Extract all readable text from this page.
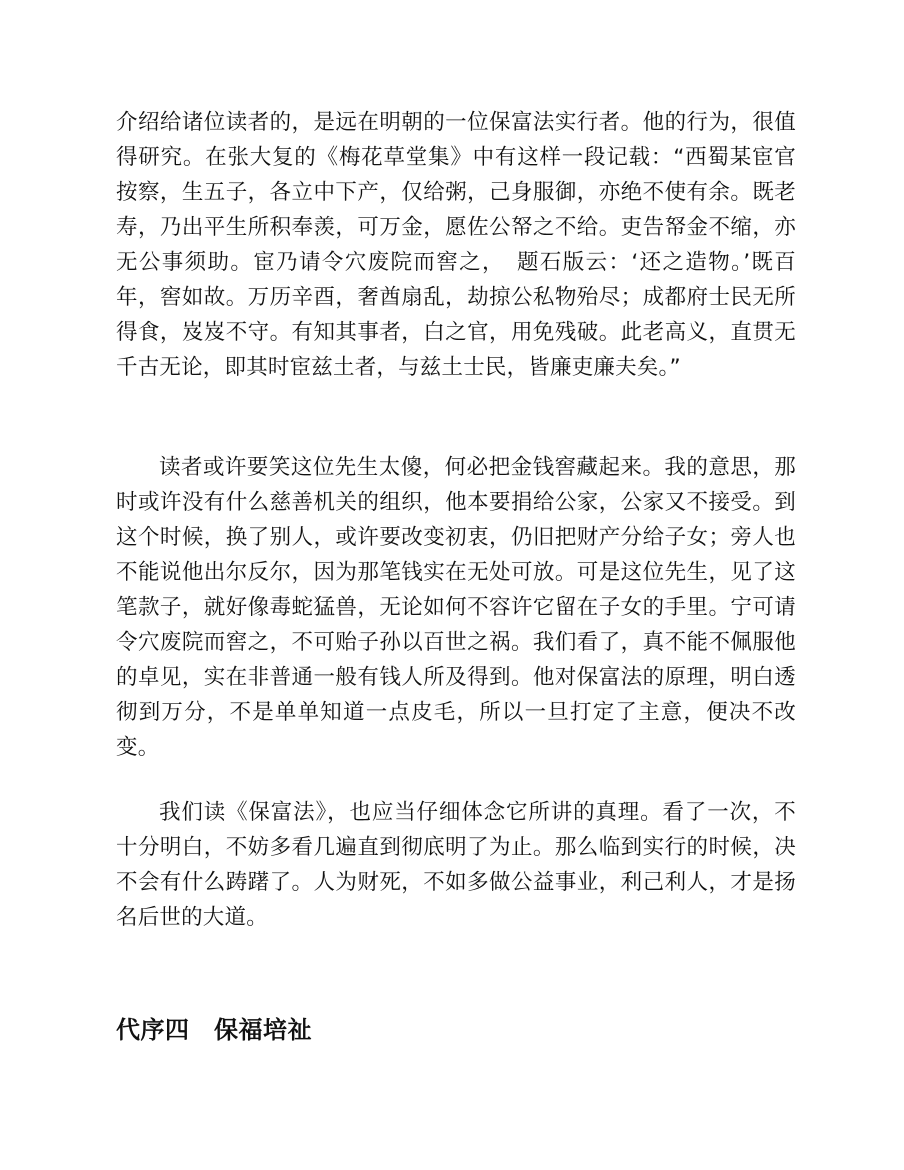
介绍给诸位读者的，是远在明朝的一位保富法实行者。他的行为，很值得研究。在张大复的《梅花草堂集》中有这样一段记载：“西蜀某宦官按察，生五子，各立中下产，仅给粥，己身服御，亦绝不使有余。既老寿，乃出平生所积奉羡，可万金，愿佐公帑之不给。吏告帑金不缩，亦无公事须助。宦乃请令穴废院而窖之，　题石版云：‘还之造物。’既百年，窖如故。万历辛酉，奢酋扇乱，劫掠公私物殆尽；成都府士民无所得食，岌岌不守。有知其事者，白之官，用免残破。此老高义，直贯无千古无论，即其时宦兹土者，与兹土士民，皆廉吏廉夫矣。”

读者或许要笑这位先生太傻，何必把金钱窖藏起来。我的意思，那时或许没有什么慈善机关的组织，他本要捐给公家，公家又不接受。到这个时候，换了别人，或许要改变初衷，仍旧把财产分给子女；旁人也不能说他出尔反尔，因为那笔钱实在无处可放。可是这位先生，见了这笔款子，就好像毒蛇猛兽，无论如何不容许它留在子女的手里。宁可请令穴废院而窖之，不可贻子孙以百世之祸。我们看了，真不能不佩服他的卓见，实在非普通一般有钱人所及得到。他对保富法的原理，明白透彻到万分，不是单单知道一点皮毛，所以一旦打定了主意，便决不改变。

我们读《保富法》，也应当仔细体念它所讲的真理。看了一次，不十分明白，不妨多看几遍直到彻底明了为止。那么临到实行的时候，决不会有什么踌躇了。人为财死，不如多做公益事业，利己利人，才是扬名后世的大道。

代序四　保福培祉
